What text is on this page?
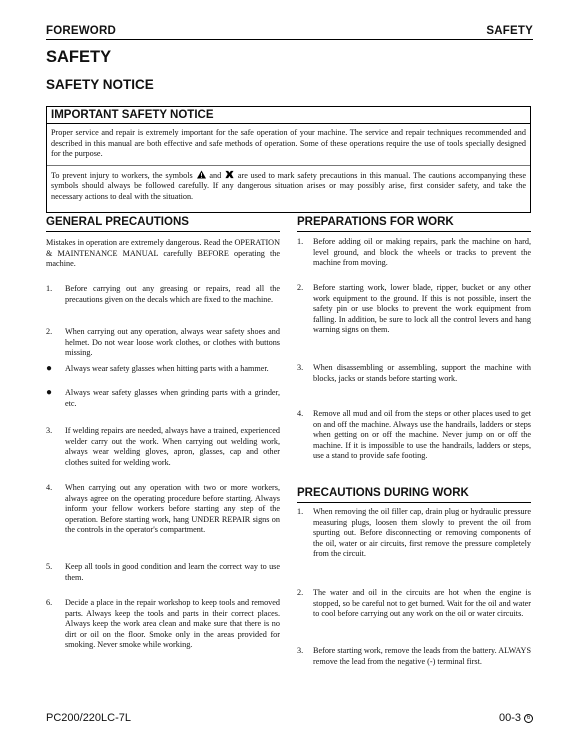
FOREWORD	SAFETY
SAFETY
SAFETY NOTICE
IMPORTANT SAFETY NOTICE

Proper service and repair is extremely important for the safe operation of your machine. The service and repair techniques recommended and described in this manual are both effective and safe methods of operation. Some of these operations require the use of tools specially designed for the purpose.

To prevent injury to workers, the symbols and are used to mark safety precautions in this manual. The cautions accompanying these symbols should always be followed carefully. If any dangerous situation arises or may possibly arise, first consider safety, and take the necessary actions to deal with the situation.

GENERAL PRECAUTIONS

Mistakes in operation are extremely dangerous. Read the OPERATION & MAINTENANCE MANUAL carefully BEFORE operating the machine.

1.	Before carrying out any greasing or repairs, read all the precautions given on the decals which are fixed to the machine.
2.	When carrying out any operation, always wear safety shoes and helmet. Do not wear loose work clothes, or clothes with buttons missing.
●	Always wear safety glasses when hitting parts with a hammer.
●	Always wear safety glasses when grinding parts with a grinder, etc.
3.	If welding repairs are needed, always have a trained, experienced welder carry out the work. When carrying out welding work, always wear welding gloves, apron, glasses, cap and other clothes suited for welding work.
4.	When carrying out any operation with two or more workers, always agree on the operating procedure before starting. Always inform your fellow workers before starting any step of the operation. Before starting work, hang UNDER REPAIR signs on the controls in the operator's compartment.
5.	Keep all tools in good condition and learn the correct way to use them.
6.	Decide a place in the repair workshop to keep tools and removed parts. Always keep the tools and parts in their correct places. Always keep the work area clean and make sure that there is no dirt or oil on the floor. Smoke only in the areas provided for smoking. Never smoke while working.
PREPARATIONS FOR WORK
1.	Before adding oil or making repairs, park the machine on hard, level ground, and block the wheels or tracks to prevent the machine from moving.
2.	Before starting work, lower blade, ripper, bucket or any other work equipment to the ground. If this is not possible, insert the safety pin or use blocks to prevent the work equipment from falling. In addition, be sure to lock all the control levers and hang warning signs on them.
3.	When disassembling or assembling, support the machine with blocks, jacks or stands before starting work.
4.	Remove all mud and oil from the steps or other places used to get on and off the machine. Always use the handrails, ladders or steps when getting on or off the machine. Never jump on or off the machine. If it is impossible to use the handrails, ladders or steps, use a stand to provide safe footing.
PRECAUTIONS DURING WORK
1.	When removing the oil filler cap, drain plug or hydraulic pressure measuring plugs, loosen them slowly to prevent the oil from spurting out. Before disconnecting or removing components of the oil, water or air circuits, first remove the pressure completely from the circuit.
2.	The water and oil in the circuits are hot when the engine is stopped, so be careful not to get burned. Wait for the oil and water to cool before carrying out any work on the oil or water circuits.
3.	Before starting work, remove the leads from the battery. ALWAYS remove the lead from the negative (-) terminal first.
PC200/220LC-7L	00-3 6
